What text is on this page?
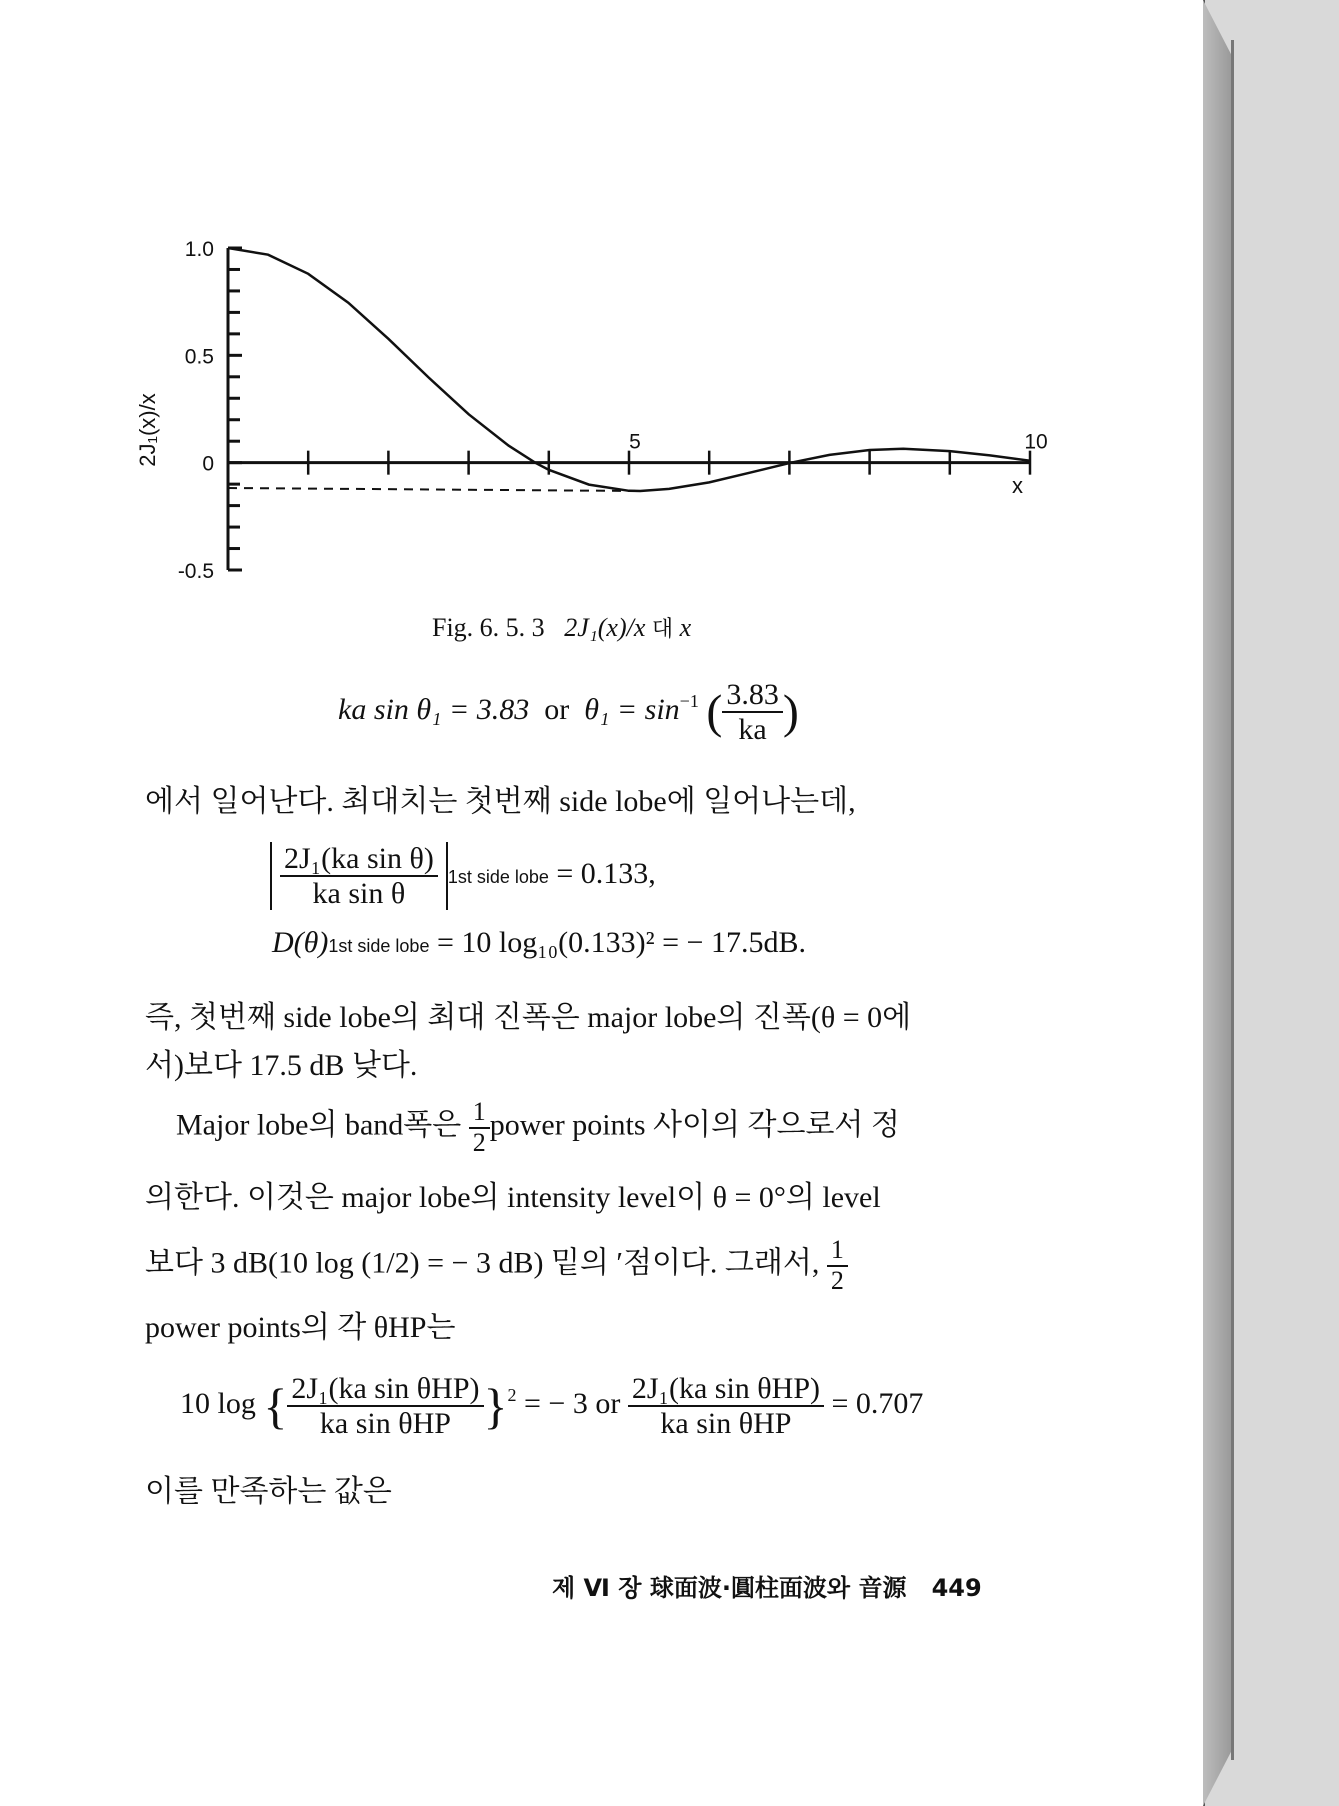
1.0
0.5
0
-0.5
5	10
2J₁(x)/x
x
Fig. 6. 5. 3 2J₁(x)/x 대 x
ka sin θ₁ = 3.83 or $\theta_1 = \sin^{-1}$ ( $\frac{3.83}{ka}$ )
에서 일어난다. 최대치는 첫번째 side lobe에 일어나는데,
$\frac{\text{2J₁(ka sin θ)}}{\text{ka sin θ}} 1st$ side lobe = 0.133,
D(θ)1st side lobe = 10 log₁₀(0.133)² = − 17.5dB.
즉, 첫번째 side lobe의 최대 진폭은 major lobe의 진폭(θ = 0에
서)보다 17.5 dB 낮다.
Major lobe의 band폭은 $\frac{1}{2}$ power points 사이의 각으로서 정
의한다. 이것은 major lobe의 intensity level이 θ = 0°의 level
보다 3 dB(10 log (1/2) = − 3 dB) 밑의 ′점이다. 그래서, $\frac{1}{2}$
power points의 각 θHP는
10 log { $\frac{\text{2J₁(ka sin θHP)}}{\text{ka sin θHP}} \}^2$ = − 3 or $\frac{\text{2J₁(ka sin θHP)}}{\text{ka sin θHP}} = 0.707$
이를 만족하는 값은
제 Ⅵ 장 球面波·圓柱面波와 音源 449
